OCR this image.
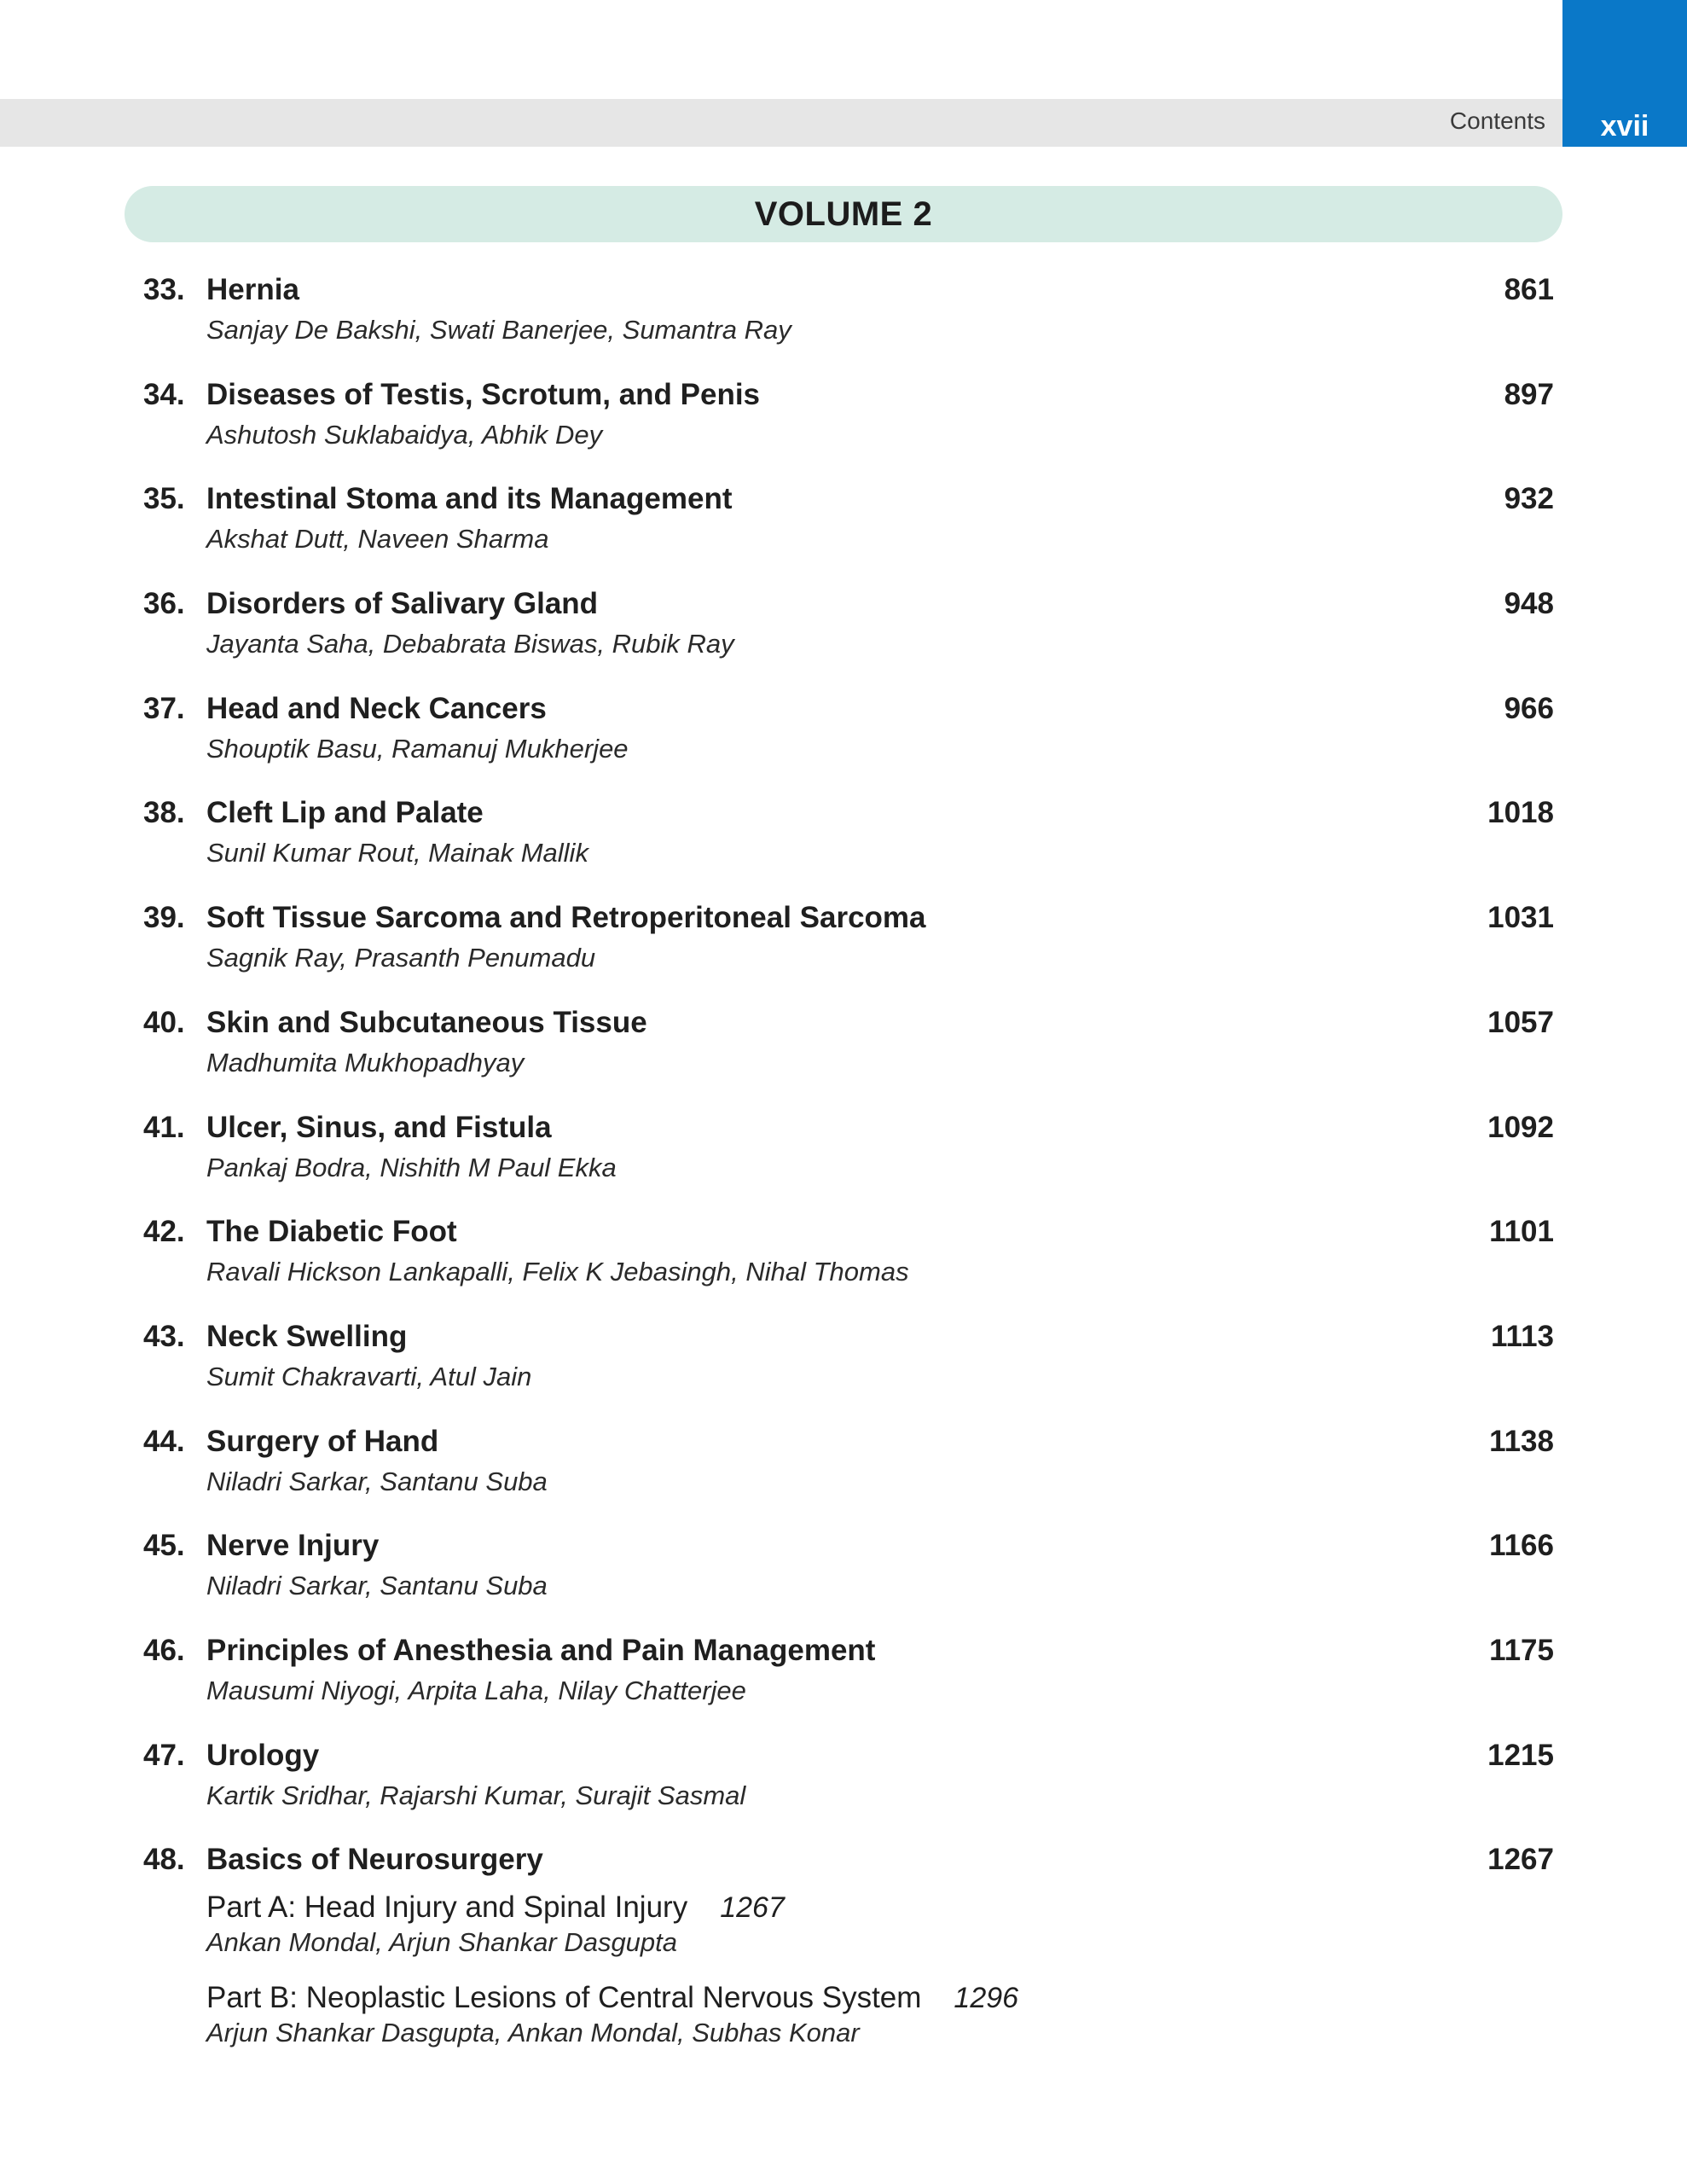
Contents	xvii
VOLUME 2
33. Hernia	861
Sanjay De Bakshi, Swati Banerjee, Sumantra Ray
34. Diseases of Testis, Scrotum, and Penis	897
Ashutosh Suklabaidya, Abhik Dey
35. Intestinal Stoma and its Management	932
Akshat Dutt, Naveen Sharma
36. Disorders of Salivary Gland	948
Jayanta Saha, Debabrata Biswas, Rubik Ray
37. Head and Neck Cancers	966
Shouptik Basu, Ramanuj Mukherjee
38. Cleft Lip and Palate	1018
Sunil Kumar Rout, Mainak Mallik
39. Soft Tissue Sarcoma and Retroperitoneal Sarcoma	1031
Sagnik Ray, Prasanth Penumadu
40. Skin and Subcutaneous Tissue	1057
Madhumita Mukhopadhyay
41. Ulcer, Sinus, and Fistula	1092
Pankaj Bodra, Nishith M Paul Ekka
42. The Diabetic Foot	1101
Ravali Hickson Lankapalli, Felix K Jebasingh, Nihal Thomas
43. Neck Swelling	1113
Sumit Chakravarti, Atul Jain
44. Surgery of Hand	1138
Niladri Sarkar, Santanu Suba
45. Nerve Injury	1166
Niladri Sarkar, Santanu Suba
46. Principles of Anesthesia and Pain Management	1175
Mausumi Niyogi, Arpita Laha, Nilay Chatterjee
47. Urology	1215
Kartik Sridhar, Rajarshi Kumar, Surajit Sasmal
48. Basics of Neurosurgery	1267
Part A: Head Injury and Spinal Injury 1267
Ankan Mondal, Arjun Shankar Dasgupta
Part B: Neoplastic Lesions of Central Nervous System 1296
Arjun Shankar Dasgupta, Ankan Mondal, Subhas Konar
